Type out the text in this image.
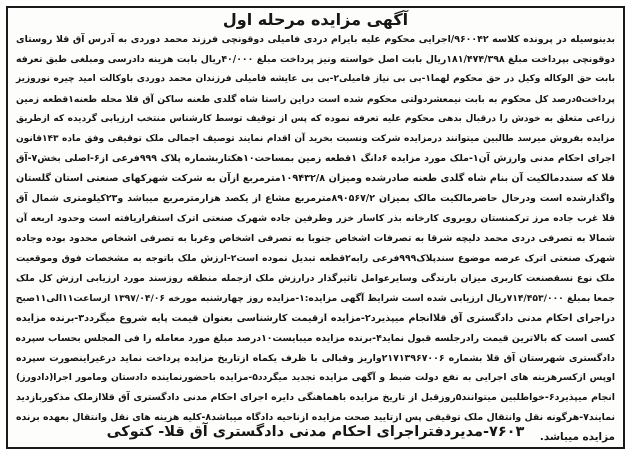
آگهی مزایده مرحله اول
بدینوسیله در پرونده کلاسه ۹۶۰۰۴۲/اجرایی محکوم علیه بایرام دردی فامیلی دوقونچی فرزند محمد دوردی به آدرس آق قلا روستای
دوقونچی بپرداخت مبلغ ۱۸۱/۴۷۴/۳۹۸ریال بابت اصل خواسته ونیز پرداخت مبلغ ۴۰/۰۰۰ریال بابت هزینه دادرسی ومبلغی طبق تعرفه
بابت حق الوکاله وکیل در حق محکوم لهما۱-بی بی نیاز فامیلی۲-بی بی عایشه فامیلی فرزندان محمد دوردی باوکالت امید چیره نوروزیز
پرداخت۵درصد کل محکوم به بابت نیمعشردولتی محکوم شده است دراین راستا شاه گلدی طعنه ساکن آق قلا محله طعنه۱قطعه زمین
زراعی متعلق به خودش را درقبال بدهی محکوم علیه تعرفه نموده که پس از توقیف توسط کارشناس منتخب ارزیابی گردیده که ازطریق
مزایده بفروش میرسد طالبین میتوانند درمزایده شرکت ونسبت بخرید آن اقدام نمایند توصیف اجمالی ملک توقیفی وفق ماده ۱۴۳قانون
اجرای احکام مدنی وارزش آن۱-ملک مورد مزایده ۶دانگ ۱قطعه زمین بمساحت۱۰هکتاربشماره پلاک ۹۹۹فرعی از۶-اصلی بخش۷-آق
قلا که سنددمالکیت آن بنام شاه گلدی طعنه صادرشده ومیزان ۱۰۹۴۳۲/۸مترمربع ازآن به شرکت شهرکهای صنعتی استان گلستان
واگذارشده است ودرحال حاضرمالکیت مالک بمیزان ۸۹۰۵۶۷/۲مترمربع مشاع از یکصد هزارمترمربع میباشد و۲۳کیلومتری شمال آق
قلا غرب جاده مرز ترکمنستان روبروی کارخانه بذر کاسار خزر وطرفین جاده شهرک صنعتی اترک استقراریافته است وحدود اربعه آن
شمالا به تصرفی دردی محمد دلیچه شرقا به تصرفات اشخاص جنوبا به تصرفی اشخاص وغربا به تصرفی اشخاص محدود بوده وجاده
شهرک صنعتی اترک عرصه موضوع سندپلاک۹۹۹فرعی رابه۲قطعه تبدیل نموده است۲-ارزش ملک باتوجه به مشخصات فوق وموقعیت
ملک نوع نسقصنعت کاربری میزان بارندگی وسایرعوامل تاثیرگذار درارزش ملک ازجمله منطقه روزسند مورد ارزیابی ارزش کل ملک
جمعا بمبلغ ۷۱۴/۴۵۳/۰۰۰ریال ارزیابی شده است شرایط آگهی مزایده:۱-مزایده روز چهارشنبه مورخه ۱۳۹۷/۰۴/۰۶ ازساعت۱۱الی۱۱صبح
دراجرای احکام مدنی دادگستری آق قلاانجام میپذیرد۲-مزایده ازقیمت کارشناسی بعنوان قیمت پایه شروع میگردد۳-برنده مزایده
کسی است که بالاترین قیمت رادرجلسه قبول نماید۴-برنده مزایده میبایست۱۰درصد مبلغ مورد معامله را فی المجلس بحساب سپرده
دادگستری شهرستان آق قلا بشماره ۲۱۷۱۳۹۶۷۰۰۶واریز وقبالی با ظرف یکماه ازتاریخ مزایده پرداخت نماید درغیراینصورت سپرده
اوپس ازکسرهزینه های اجرایی به نفع دولت ضبط و آگهی مزایده تجدید میگردد۵-مزایده باحضورنماینده دادستان ومامور اجرا(دادورز)
انجام میپذیرد۶-خواطلبین میتوانند۵روزقبل از تاریخ مزایده باهماهنگی دایره اجرای احکام مدنی دادگستری آق قلاازملک مذکوربازدید
نمایند۷-هرگونه نقل وانتقال ملک توقیفی پس ازتایید صحت مزایده ازناحیه دادگاه میباشد۸-کلیه هزینه های نقل وانتقال بعهده برنده
مزایده میباشد.
۷۶۰۳-مدیردفتراجرای احکام مدنی دادگستری آق قلا- کتوکی
